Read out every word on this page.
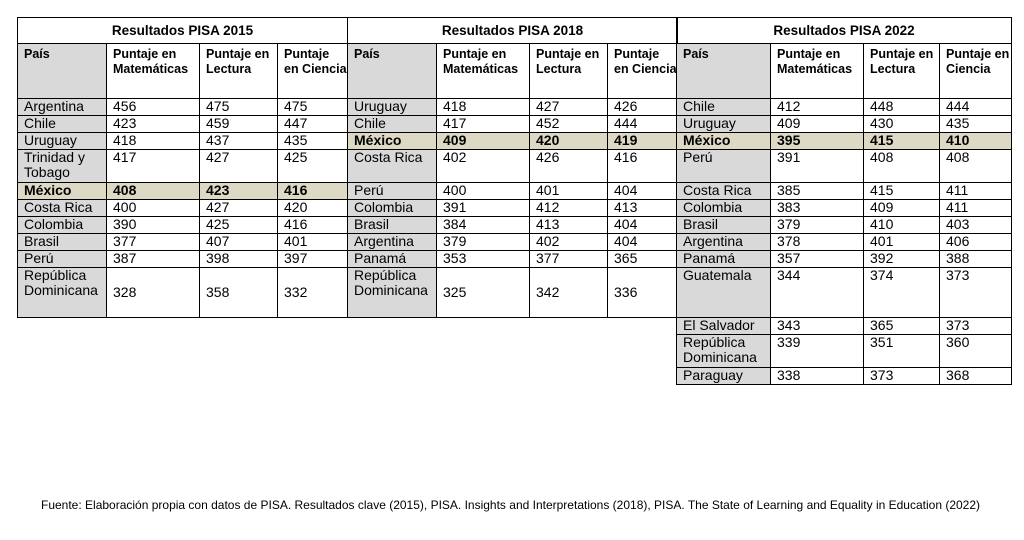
Resultados PISA 2015			
País	Puntaje en Matemáticas	Puntaje en Lectura	Puntaje en Ciencia
Argentina	456	475	475
Chile	423	459	447
Uruguay	418	437	435
Trinidad y Tobago	417	427	425
México	408	423	416
Costa Rica	400	427	420
Colombia	390	425	416
Brasil	377	407	401
Perú	387	398	397
República Dominicana	328	358	332
Resultados PISA 2018			
País	Puntaje en Matemáticas	Puntaje en Lectura	Puntaje en Ciencia
Uruguay	418	427	426
Chile	417	452	444
México	409	420	419
Costa Rica	402	426	416
Perú	400	401	404
Colombia	391	412	413
Brasil	384	413	404
Argentina	379	402	404
Panamá	353	377	365
República Dominicana	325	342	336
Resultados PISA 2022			
País	Puntaje en Matemáticas	Puntaje en Lectura	Puntaje en Ciencia
Chile	412	448	444
Uruguay	409	430	435
México	395	415	410
Perú	391	408	408
Costa Rica	385	415	411
Colombia	383	409	411
Brasil	379	410	403
Argentina	378	401	406
Panamá	357	392	388
Guatemala	344	374	373
El Salvador	343	365	373
República Dominicana	339	351	360
Paraguay	338	373	368

Fuente: Elaboración propia con datos de PISA. Resultados clave (2015), PISA. Insights and Interpretations (2018), PISA. The State of Learning and Equality in Education (2022)
